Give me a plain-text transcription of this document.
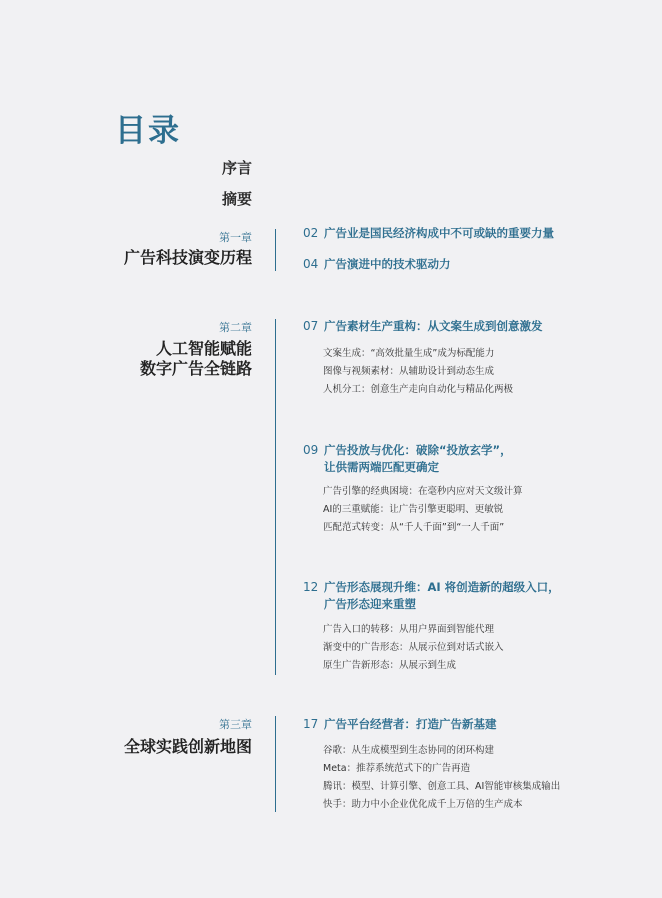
目录
序言
摘要
第一章
广告科技演变历程
02 广告业是国民经济构成中不可或缺的重要力量
04 广告演进中的技术驱动力
第二章
人工智能赋能
数字广告全链路
07 广告素材生产重构：从文案生成到创意激发
文案生成：“高效批量生成”成为标配能力
图像与视频素材：从辅助设计到动态生成
人机分工：创意生产走向自动化与精品化两极
09 广告投放与优化：破除“投放玄学”，
让供需两端匹配更确定
广告引擎的经典困境：在毫秒内应对天文级计算
AI的三重赋能：让广告引擎更聪明、更敏锐
匹配范式转变：从“千人千面”到“一人千面”
12 广告形态展现升维：AI 将创造新的超级入口，
广告形态迎来重塑
广告入口的转移：从用户界面到智能代理
渐变中的广告形态：从展示位到对话式嵌入
原生广告新形态：从展示到生成
第三章
全球实践创新地图
17 广告平台经营者：打造广告新基建
谷歌：从生成模型到生态协同的闭环构建
Meta：推荐系统范式下的广告再造
腾讯：模型、计算引擎、创意工具、AI智能审核集成输出
快手：助力中小企业优化成千上万倍的生产成本
